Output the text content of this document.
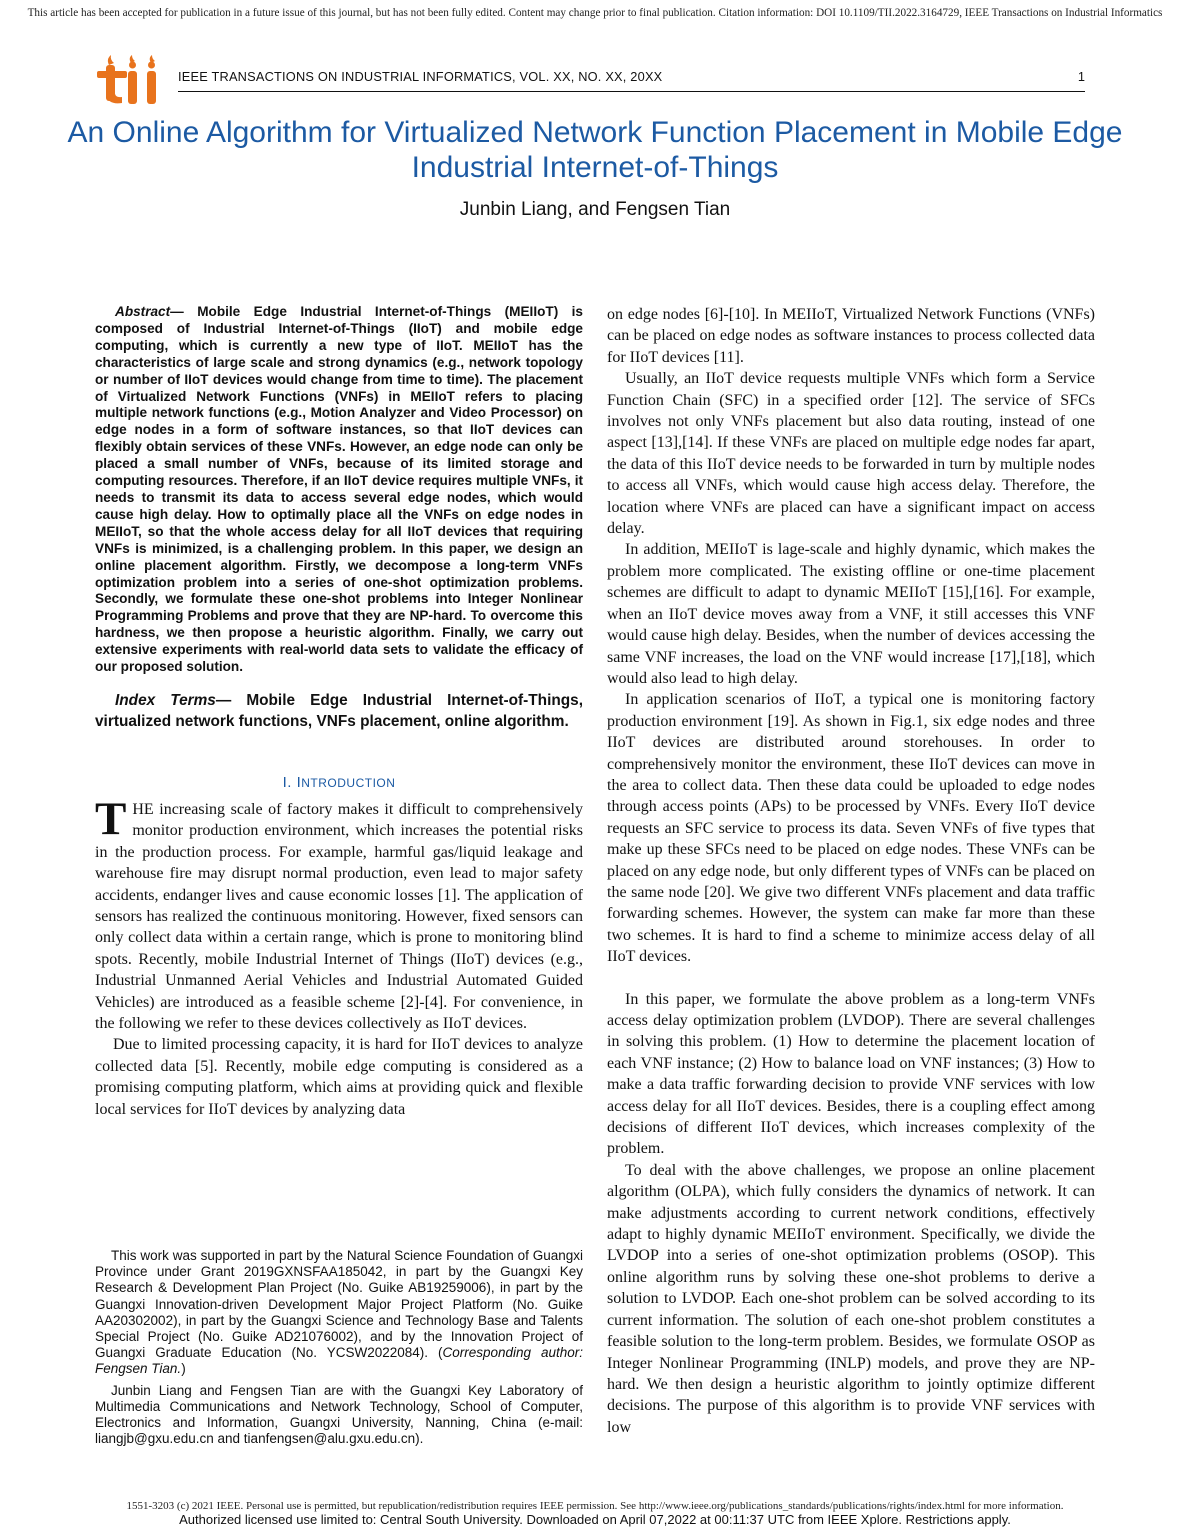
This article has been accepted for publication in a future issue of this journal, but has not been fully edited. Content may change prior to final publication. Citation information: DOI 10.1109/TII.2022.3164729, IEEE Transactions on Industrial Informatics
IEEE TRANSACTIONS ON INDUSTRIAL INFORMATICS, VOL. XX, NO. XX, 20XX	1
An Online Algorithm for Virtualized Network Function Placement in Mobile Edge Industrial Internet-of-Things
Junbin Liang, and Fengsen Tian

Abstract— Mobile Edge Industrial Internet-of-Things (MEIIoT) is composed of Industrial Internet-of-Things (IIoT) and mobile edge computing, which is currently a new type of IIoT. MEIIoT has the characteristics of large scale and strong dynamics (e.g., network topology or number of IIoT devices would change from time to time). The placement of Virtualized Network Functions (VNFs) in MEIIoT refers to placing multiple network functions (e.g., Motion Analyzer and Video Processor) on edge nodes in a form of software instances, so that IIoT devices can flexibly obtain services of these VNFs. However, an edge node can only be placed a small number of VNFs, because of its limited storage and computing resources. Therefore, if an IIoT device requires multiple VNFs, it needs to transmit its data to access several edge nodes, which would cause high delay. How to optimally place all the VNFs on edge nodes in MEIIoT, so that the whole access delay for all IIoT devices that requiring VNFs is minimized, is a challenging problem. In this paper, we design an online placement algorithm. Firstly, we decompose a long-term VNFs optimization problem into a series of one-shot optimization problems. Secondly, we formulate these one-shot problems into Integer Nonlinear Programming Problems and prove that they are NP-hard. To overcome this hardness, we then propose a heuristic algorithm. Finally, we carry out extensive experiments with real-world data sets to validate the efficacy of our proposed solution.

Index Terms— Mobile Edge Industrial Internet-of-Things, virtualized network functions, VNFs placement, online algorithm.

I. INTRODUCTION

THE increasing scale of factory makes it difficult to comprehensively monitor production environment, which increases the potential risks in the production process. For example, harmful gas/liquid leakage and warehouse fire may disrupt normal production, even lead to major safety accidents, endanger lives and cause economic losses [1]. The application of sensors has realized the continuous monitoring. However, fixed sensors can only collect data within a certain range, which is prone to monitoring blind spots. Recently, mobile Industrial Internet of Things (IIoT) devices (e.g., Industrial Unmanned Aerial Vehicles and Industrial Automated Guided Vehicles) are introduced as a feasible scheme [2]-[4]. For convenience, in the following we refer to these devices collectively as IIoT devices.

Due to limited processing capacity, it is hard for IIoT devices to analyze collected data [5]. Recently, mobile edge computing is considered as a promising computing platform, which aims at providing quick and flexible local services for IIoT devices by analyzing data

This work was supported in part by the Natural Science Foundation of Guangxi Province under Grant 2019GXNSFAA185042, in part by the Guangxi Key Research & Development Plan Project (No. Guike AB19259006), in part by the Guangxi Innovation-driven Development Major Project Platform (No. Guike AA20302002), in part by the Guangxi Science and Technology Base and Talents Special Project (No. Guike AD21076002), and by the Innovation Project of Guangxi Graduate Education (No. YCSW2022084). (Corresponding author: Fengsen Tian.)

Junbin Liang and Fengsen Tian are with the Guangxi Key Laboratory of Multimedia Communications and Network Technology, School of Computer, Electronics and Information, Guangxi University, Nanning, China (e-mail: liangjb@gxu.edu.cn and tianfengsen@alu.gxu.edu.cn).

on edge nodes [6]-[10]. In MEIIoT, Virtualized Network Functions (VNFs) can be placed on edge nodes as software instances to process collected data for IIoT devices [11].

Usually, an IIoT device requests multiple VNFs which form a Service Function Chain (SFC) in a specified order [12]. The service of SFCs involves not only VNFs placement but also data routing, instead of one aspect [13],[14]. If these VNFs are placed on multiple edge nodes far apart, the data of this IIoT device needs to be forwarded in turn by multiple nodes to access all VNFs, which would cause high access delay. Therefore, the location where VNFs are placed can have a significant impact on access delay.

In addition, MEIIoT is lage-scale and highly dynamic, which makes the problem more complicated. The existing offline or one-time placement schemes are difficult to adapt to dynamic MEIIoT [15],[16]. For example, when an IIoT device moves away from a VNF, it still accesses this VNF would cause high delay. Besides, when the number of devices accessing the same VNF increases, the load on the VNF would increase [17],[18], which would also lead to high delay.

In application scenarios of IIoT, a typical one is monitoring factory production environment [19]. As shown in Fig.1, six edge nodes and three IIoT devices are distributed around storehouses. In order to comprehensively monitor the environment, these IIoT devices can move in the area to collect data. Then these data could be uploaded to edge nodes through access points (APs) to be processed by VNFs. Every IIoT device requests an SFC service to process its data. Seven VNFs of five types that make up these SFCs need to be placed on edge nodes. These VNFs can be placed on any edge node, but only different types of VNFs can be placed on the same node [20]. We give two different VNFs placement and data traffic forwarding schemes. However, the system can make far more than these two schemes. It is hard to find a scheme to minimize access delay of all IIoT devices.

In this paper, we formulate the above problem as a long-term VNFs access delay optimization problem (LVDOP). There are several challenges in solving this problem. (1) How to determine the placement location of each VNF instance; (2) How to balance load on VNF instances; (3) How to make a data traffic forwarding decision to provide VNF services with low access delay for all IIoT devices. Besides, there is a coupling effect among decisions of different IIoT devices, which increases complexity of the problem.

To deal with the above challenges, we propose an online placement algorithm (OLPA), which fully considers the dynamics of network. It can make adjustments according to current network conditions, effectively adapt to highly dynamic MEIIoT environment. Specifically, we divide the LVDOP into a series of one-shot optimization problems (OSOP). This online algorithm runs by solving these one-shot problems to derive a solution to LVDOP. Each one-shot problem can be solved according to its current information. The solution of each one-shot problem constitutes a feasible solution to the long-term problem. Besides, we formulate OSOP as Integer Nonlinear Programming (INLP) models, and prove they are NP-hard. We then design a heuristic algorithm to jointly optimize different decisions. The purpose of this algorithm is to provide VNF services with low

1551-3203 (c) 2021 IEEE. Personal use is permitted, but republication/redistribution requires IEEE permission. See http://www.ieee.org/publications_standards/publications/rights/index.html for more information.
Authorized licensed use limited to: Central South University. Downloaded on April 07,2022 at 00:11:37 UTC from IEEE Xplore. Restrictions apply.
